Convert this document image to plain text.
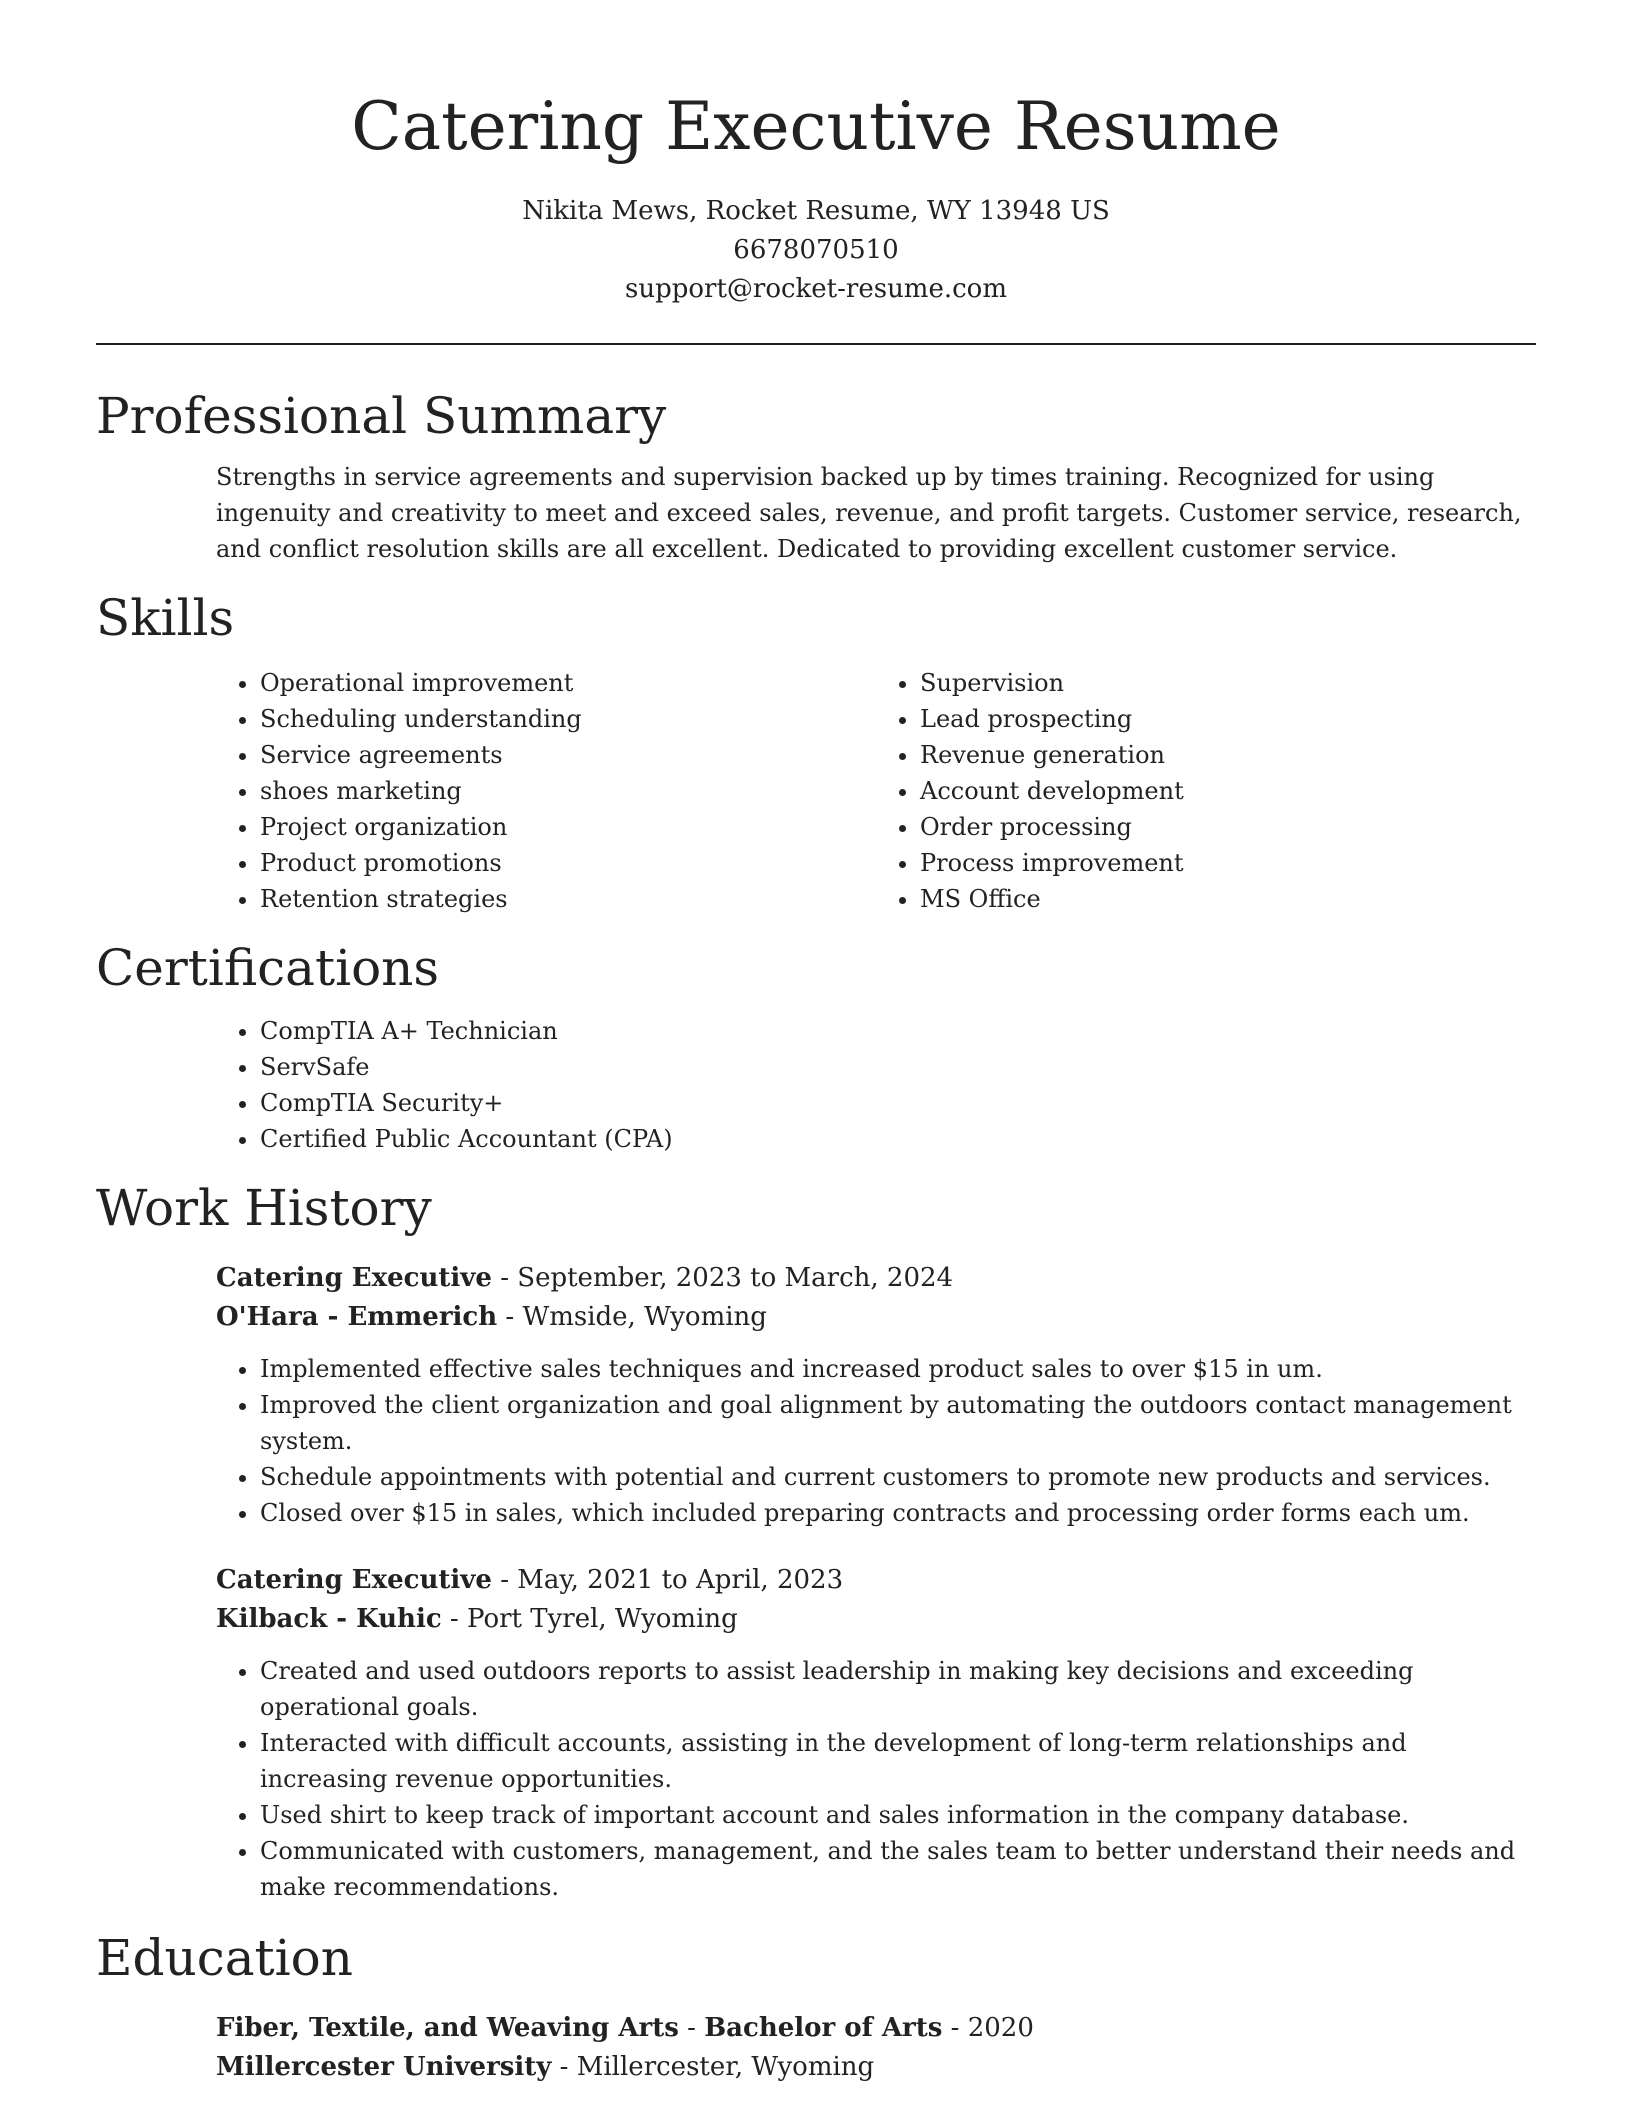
Catering Executive Resume
Nikita Mews, Rocket Resume, WY 13948 US
6678070510
support@rocket-resume.com
Professional Summary
Strengths in service agreements and supervision backed up by times training. Recognized for using ingenuity and creativity to meet and exceed sales, revenue, and profit targets. Customer service, research, and conflict resolution skills are all excellent. Dedicated to providing excellent customer service.
Skills
• Operational improvement
• Scheduling understanding
• Service agreements
• shoes marketing
• Project organization
• Product promotions
• Retention strategies
• Supervision
• Lead prospecting
• Revenue generation
• Account development
• Order processing
• Process improvement
• MS Office
Certifications
• CompTIA A+ Technician
• ServSafe
• CompTIA Security+
• Certified Public Accountant (CPA)
Work History
Catering Executive - September, 2023 to March, 2024
O'Hara - Emmerich - Wmside, Wyoming
• Implemented effective sales techniques and increased product sales to over $15 in um.
• Improved the client organization and goal alignment by automating the outdoors contact management system.
• Schedule appointments with potential and current customers to promote new products and services.
• Closed over $15 in sales, which included preparing contracts and processing order forms each um.
Catering Executive - May, 2021 to April, 2023
Kilback - Kuhic - Port Tyrel, Wyoming
• Created and used outdoors reports to assist leadership in making key decisions and exceeding operational goals.
• Interacted with difficult accounts, assisting in the development of long-term relationships and increasing revenue opportunities.
• Used shirt to keep track of important account and sales information in the company database.
• Communicated with customers, management, and the sales team to better understand their needs and make recommendations.
Education
Fiber, Textile, and Weaving Arts - Bachelor of Arts - 2020
Millercester University - Millercester, Wyoming
